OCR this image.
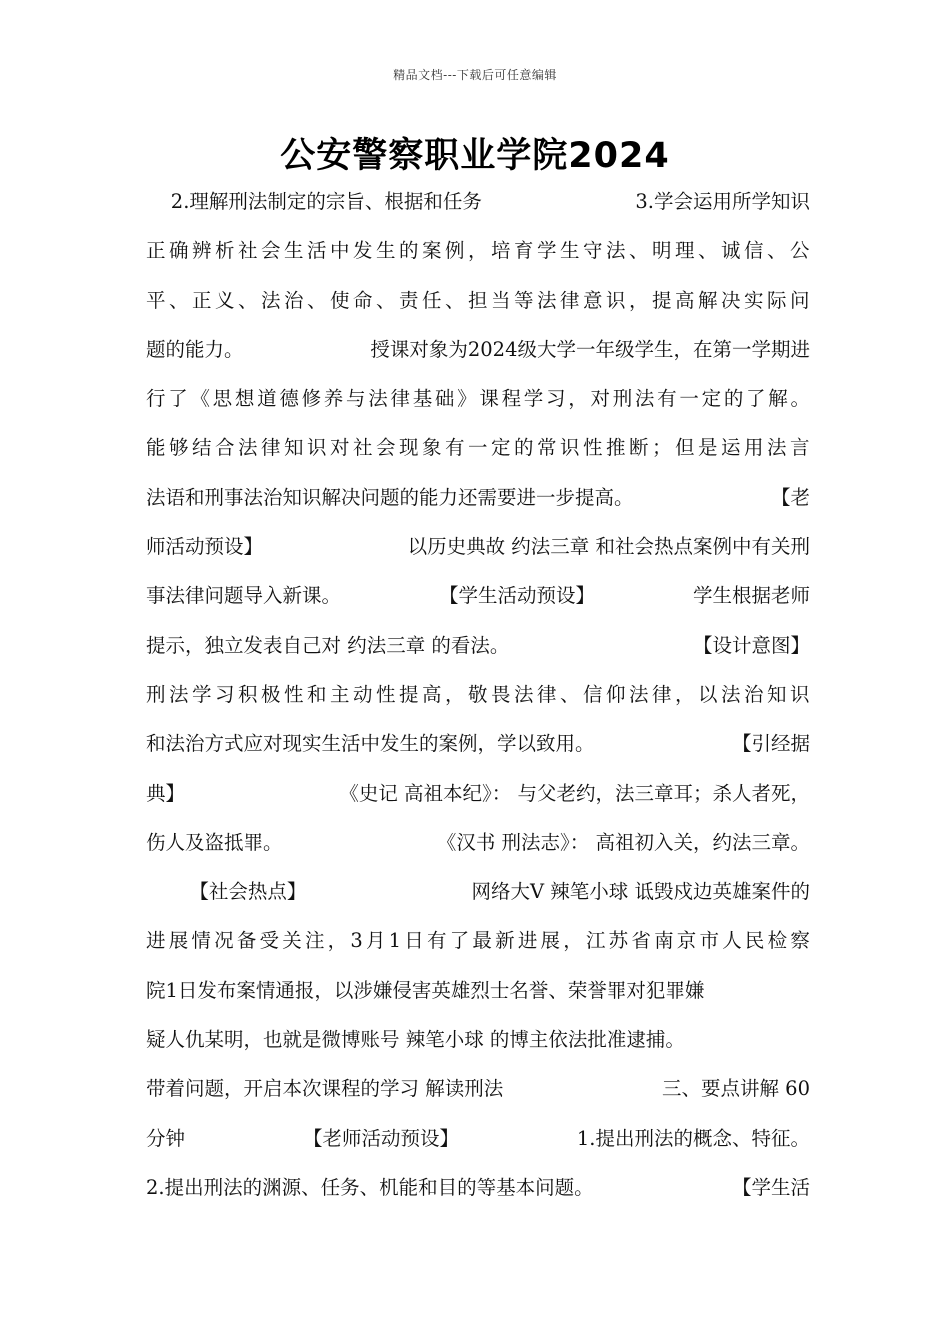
精品文档---下载后可任意编辑
公安警察职业学院2024
2.理解刑法制定的宗旨、根据和任务	3.学会运用所学知识
正确辨析社会生活中发生的案例，培育学生守法、明理、诚信、公
平、正义、法治、使命、责任、担当等法律意识，提高解决实际问
题的能力。	授课对象为2024级大学一年级学生，在第一学期进
行了《思想道德修养与法律基础》课程学习，对刑法有一定的了解。
能够结合法律知识对社会现象有一定的常识性推断；但是运用法言
法语和刑事法治知识解决问题的能力还需要进一步提高。	【老
师活动预设】	以历史典故 约法三章 和社会热点案例中有关刑
事法律问题导入新课。	【学生活动预设】	学生根据老师
提示，独立发表自己对 约法三章 的看法。	【设计意图】
刑法学习积极性和主动性提高，敬畏法律、信仰法律，以法治知识
和法治方式应对现实生活中发生的案例，学以致用。	【引经据
典】	《史记 高祖本纪》： 与父老约，法三章耳；杀人者死，
伤人及盗抵罪。	《汉书 刑法志》： 高祖初入关，约法三章。
【社会热点】	网络大V 辣笔小球 诋毁戍边英雄案件的
进展情况备受关注，3月1日有了最新进展，江苏省南京市人民检察
院1日发布案情通报，以涉嫌侵害英雄烈士名誉、荣誉罪对犯罪嫌
疑人仇某明，也就是微博账号 辣笔小球 的博主依法批准逮捕。
带着问题，开启本次课程的学习 解读刑法	三、要点讲解 60
分钟	【老师活动预设】	1.提出刑法的概念、特征。
2.提出刑法的渊源、任务、机能和目的等基本问题。	【学生活
